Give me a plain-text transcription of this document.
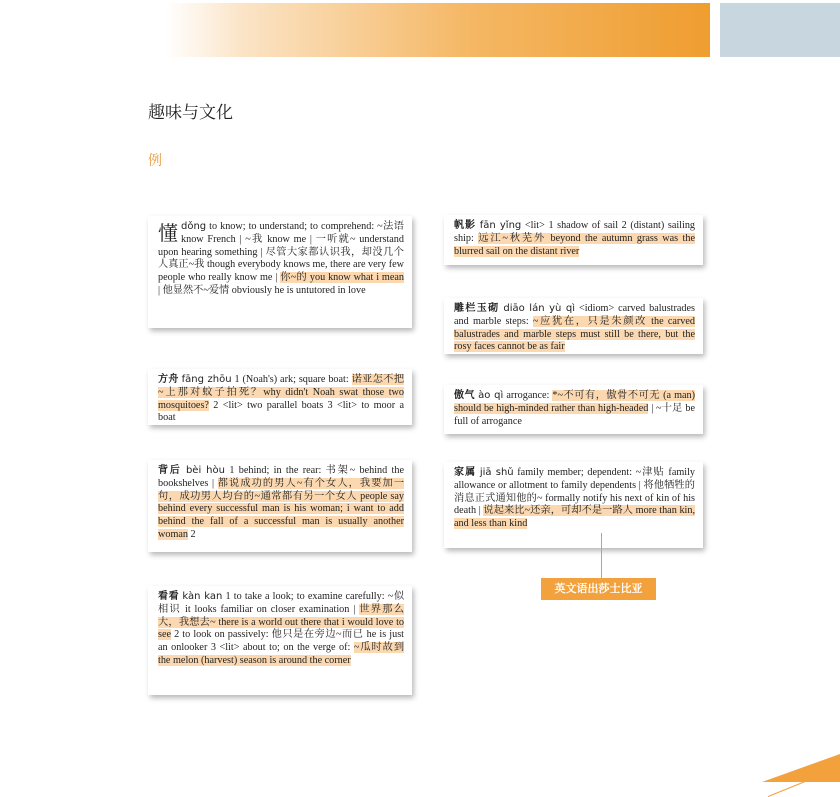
趣味与文化
例

懂 dǒng to know; to understand; to comprehend: ~法语 know French | ~我 know me | 一听就~ understand upon hearing something | 尽管大家都认识我，却没几个人真正~我 though everybody knows me, there are very few people who really know me | 你~的 you know what i mean | 他显然不~爱情 obviously he is untutored in love

方舟 fāng zhōu 1 (Noah's) ark; square boat: 诺亚怎不把~上那对蚊子拍死？why didn't Noah swat those two mosquitoes? 2 <lit> two parallel boats 3 <lit> to moor a boat

背后 bèi hòu 1 behind; in the rear: 书架~ behind the bookshelves | 都说成功的男人~有个女人，我要加一句，成功男人均台的~通常都有另一个女人 people say behind every successful man is his woman; i want to add behind the fall of a successful man is usually another woman 2

看看 kàn kan 1 to take a look; to examine carefully: ~似相识 it looks familiar on closer examination | 世界那么大，我想去~ there is a world out there that i would love to see 2 to look on passively: 他只是在旁边~而已 he is just an onlooker 3 <lit> about to; on the verge of: ~瓜时故到 the melon (harvest) season is around the corner

帆影 fān yǐng <lit> 1 shadow of sail 2 (distant) sailing ship: 远江~秋芜外 beyond the autumn grass was the blurred sail on the distant river

雕栏玉砌 diāo lán yù qì <idiom> carved balustrades and marble steps: ~应犹在，只是朱颜改 the carved balustrades and marble steps must still be there, but the rosy faces cannot be as fair

傲气 ào qì arrogance: *~不可有，傲骨不可无 (a man) should be high-minded rather than high-headed | ~十足 be full of arrogance

家属 jiā shǔ family member; dependent: ~津贴 family allowance or allotment to family dependents | 将他牺牲的消息正式通知他的~ formally notify his next of kin of his death | 说起来比~还亲，可却不是一路人 more than kin, and less than kind

英文语出莎士比亚
